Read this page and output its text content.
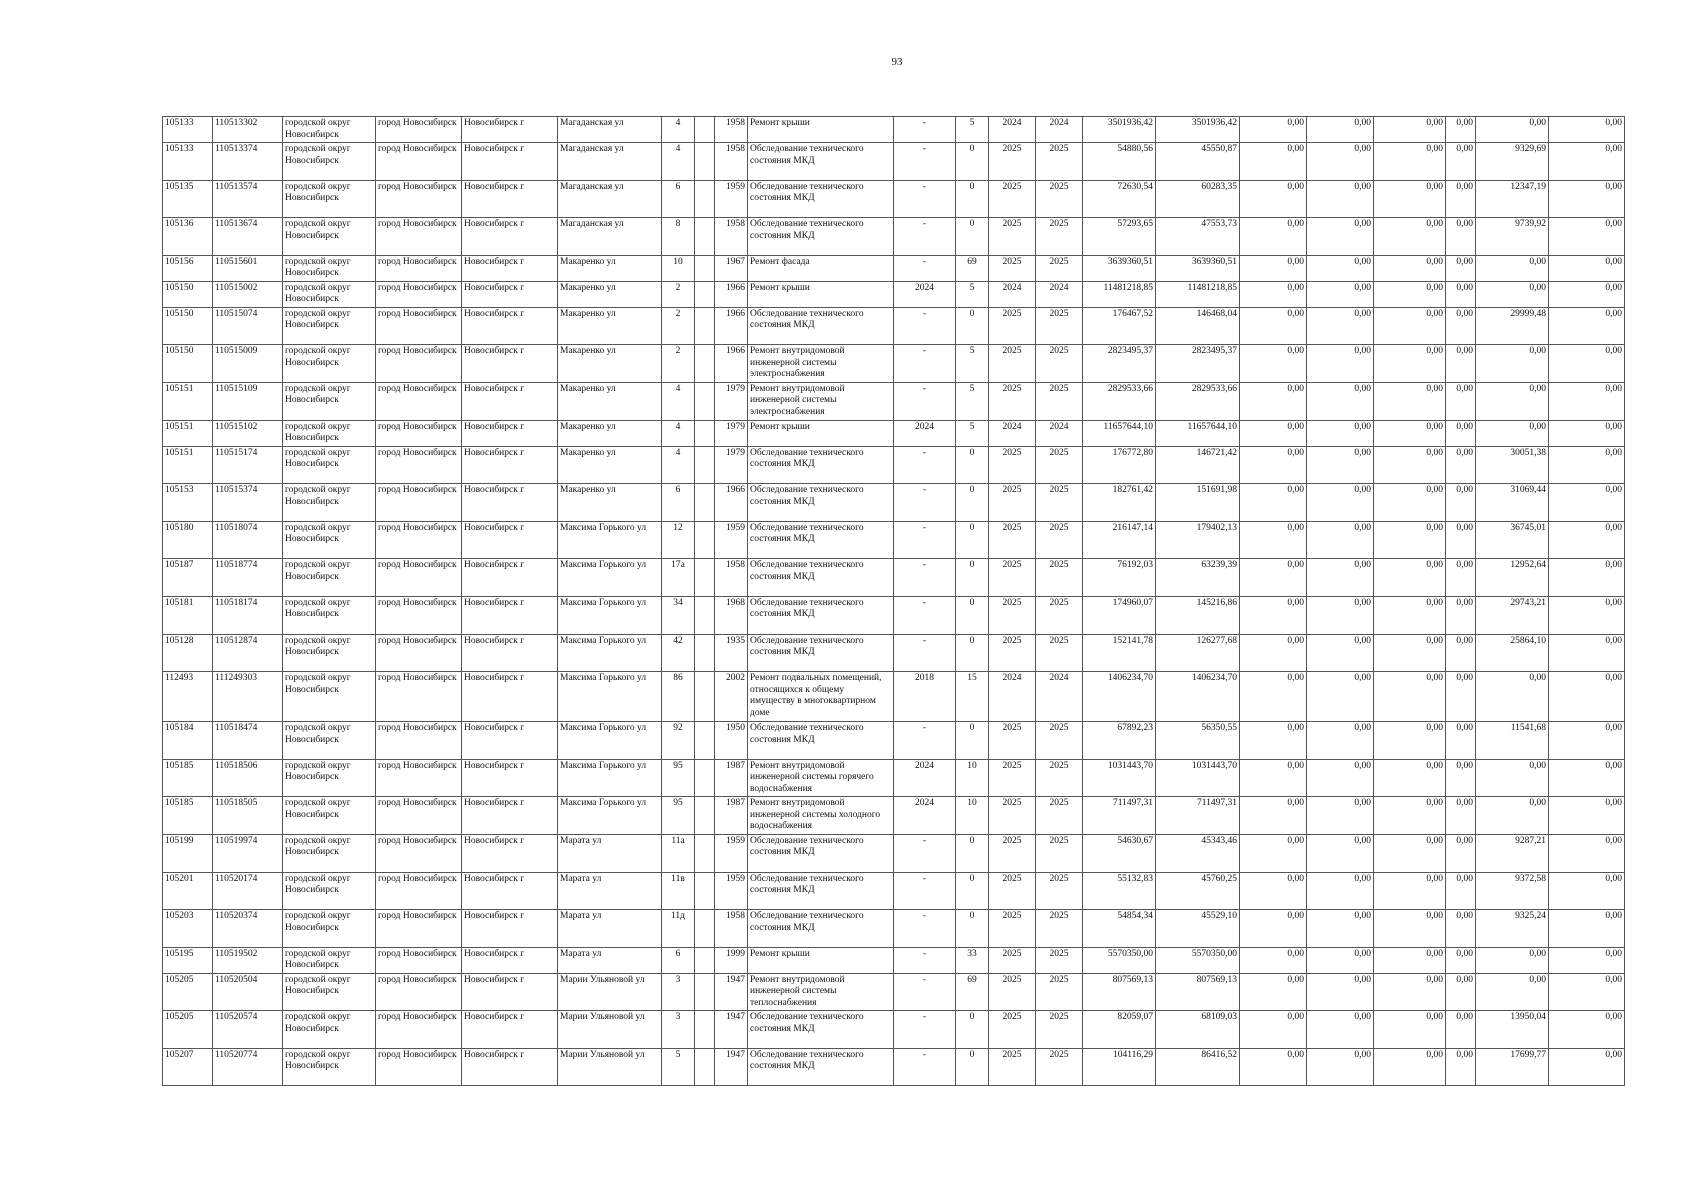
93
105133	110513302	городской округ Новосибирск	город Новосибирск	Новосибирск г	Магаданская ул	4		1958	Ремонт крыши	-	5	2024	2024	3501936,42	3501936,42	0,00	0,00	0,00	0,00	0,00	0,00
105133	110513374	городской округ Новосибирск	город Новосибирск	Новосибирск г	Магаданская ул	4		1958	Обследование технического состояния МКД	-	0	2025	2025	54880,56	45550,87	0,00	0,00	0,00	0,00	9329,69	0,00
105135	110513574	городской округ Новосибирск	город Новосибирск	Новосибирск г	Магаданская ул	6		1959	Обследование технического состояния МКД	-	0	2025	2025	72630,54	60283,35	0,00	0,00	0,00	0,00	12347,19	0,00
105136	110513674	городской округ Новосибирск	город Новосибирск	Новосибирск г	Магаданская ул	8		1958	Обследование технического состояния МКД	-	0	2025	2025	57293,65	47553,73	0,00	0,00	0,00	0,00	9739,92	0,00
105156	110515601	городской округ Новосибирск	город Новосибирск	Новосибирск г	Макаренко ул	10		1967	Ремонт фасада	-	69	2025	2025	3639360,51	3639360,51	0,00	0,00	0,00	0,00	0,00	0,00
105150	110515002	городской округ Новосибирск	город Новосибирск	Новосибирск г	Макаренко ул	2		1966	Ремонт крыши	2024	5	2024	2024	11481218,85	11481218,85	0,00	0,00	0,00	0,00	0,00	0,00
105150	110515074	городской округ Новосибирск	город Новосибирск	Новосибирск г	Макаренко ул	2		1966	Обследование технического состояния МКД	-	0	2025	2025	176467,52	146468,04	0,00	0,00	0,00	0,00	29999,48	0,00
105150	110515009	городской округ Новосибирск	город Новосибирск	Новосибирск г	Макаренко ул	2		1966	Ремонт внутридомовой инженерной системы электроснабжения	-	5	2025	2025	2823495,37	2823495,37	0,00	0,00	0,00	0,00	0,00	0,00
105151	110515109	городской округ Новосибирск	город Новосибирск	Новосибирск г	Макаренко ул	4		1979	Ремонт внутридомовой инженерной системы электроснабжения	-	5	2025	2025	2829533,66	2829533,66	0,00	0,00	0,00	0,00	0,00	0,00
105151	110515102	городской округ Новосибирск	город Новосибирск	Новосибирск г	Макаренко ул	4		1979	Ремонт крыши	2024	5	2024	2024	11657644,10	11657644,10	0,00	0,00	0,00	0,00	0,00	0,00
105151	110515174	городской округ Новосибирск	город Новосибирск	Новосибирск г	Макаренко ул	4		1979	Обследование технического состояния МКД	-	0	2025	2025	176772,80	146721,42	0,00	0,00	0,00	0,00	30051,38	0,00
105153	110515374	городской округ Новосибирск	город Новосибирск	Новосибирск г	Макаренко ул	6		1966	Обследование технического состояния МКД	-	0	2025	2025	182761,42	151691,98	0,00	0,00	0,00	0,00	31069,44	0,00
105180	110518074	городской округ Новосибирск	город Новосибирск	Новосибирск г	Максима Горького ул	12		1959	Обследование технического состояния МКД	-	0	2025	2025	216147,14	179402,13	0,00	0,00	0,00	0,00	36745,01	0,00
105187	110518774	городской округ Новосибирск	город Новосибирск	Новосибирск г	Максима Горького ул	17а		1958	Обследование технического состояния МКД	-	0	2025	2025	76192,03	63239,39	0,00	0,00	0,00	0,00	12952,64	0,00
105181	110518174	городской округ Новосибирск	город Новосибирск	Новосибирск г	Максима Горького ул	34		1968	Обследование технического состояния МКД	-	0	2025	2025	174960,07	145216,86	0,00	0,00	0,00	0,00	29743,21	0,00
105128	110512874	городской округ Новосибирск	город Новосибирск	Новосибирск г	Максима Горького ул	42		1935	Обследование технического состояния МКД	-	0	2025	2025	152141,78	126277,68	0,00	0,00	0,00	0,00	25864,10	0,00
112493	111249303	городской округ Новосибирск	город Новосибирск	Новосибирск г	Максима Горького ул	86		2002	Ремонт подвальных помещений, относящихся к общему имуществу в многоквартирном доме	2018	15	2024	2024	1406234,70	1406234,70	0,00	0,00	0,00	0,00	0,00	0,00
105184	110518474	городской округ Новосибирск	город Новосибирск	Новосибирск г	Максима Горького ул	92		1950	Обследование технического состояния МКД	-	0	2025	2025	67892,23	56350,55	0,00	0,00	0,00	0,00	11541,68	0,00
105185	110518506	городской округ Новосибирск	город Новосибирск	Новосибирск г	Максима Горького ул	95		1987	Ремонт внутридомовой инженерной системы горячего водоснабжения	2024	10	2025	2025	1031443,70	1031443,70	0,00	0,00	0,00	0,00	0,00	0,00
105185	110518505	городской округ Новосибирск	город Новосибирск	Новосибирск г	Максима Горького ул	95		1987	Ремонт внутридомовой инженерной системы холодного водоснабжения	2024	10	2025	2025	711497,31	711497,31	0,00	0,00	0,00	0,00	0,00	0,00
105199	110519974	городской округ Новосибирск	город Новосибирск	Новосибирск г	Марата ул	11а		1959	Обследование технического состояния МКД	-	0	2025	2025	54630,67	45343,46	0,00	0,00	0,00	0,00	9287,21	0,00
105201	110520174	городской округ Новосибирск	город Новосибирск	Новосибирск г	Марата ул	11в		1959	Обследование технического состояния МКД	-	0	2025	2025	55132,83	45760,25	0,00	0,00	0,00	0,00	9372,58	0,00
105203	110520374	городской округ Новосибирск	город Новосибирск	Новосибирск г	Марата ул	11д		1958	Обследование технического состояния МКД	-	0	2025	2025	54854,34	45529,10	0,00	0,00	0,00	0,00	9325,24	0,00
105195	110519502	городской округ Новосибирск	город Новосибирск	Новосибирск г	Марата ул	6		1999	Ремонт крыши	-	33	2025	2025	5570350,00	5570350,00	0,00	0,00	0,00	0,00	0,00	0,00
105205	110520504	городской округ Новосибирск	город Новосибирск	Новосибирск г	Марии Ульяновой ул	3		1947	Ремонт внутридомовой инженерной системы теплоснабжения	-	69	2025	2025	807569,13	807569,13	0,00	0,00	0,00	0,00	0,00	0,00
105205	110520574	городской округ Новосибирск	город Новосибирск	Новосибирск г	Марии Ульяновой ул	3		1947	Обследование технического состояния МКД	-	0	2025	2025	82059,07	68109,03	0,00	0,00	0,00	0,00	13950,04	0,00
105207	110520774	городской округ Новосибирск	город Новосибирск	Новосибирск г	Марии Ульяновой ул	5		1947	Обследование технического состояния МКД	-	0	2025	2025	104116,29	86416,52	0,00	0,00	0,00	0,00	17699,77	0,00
